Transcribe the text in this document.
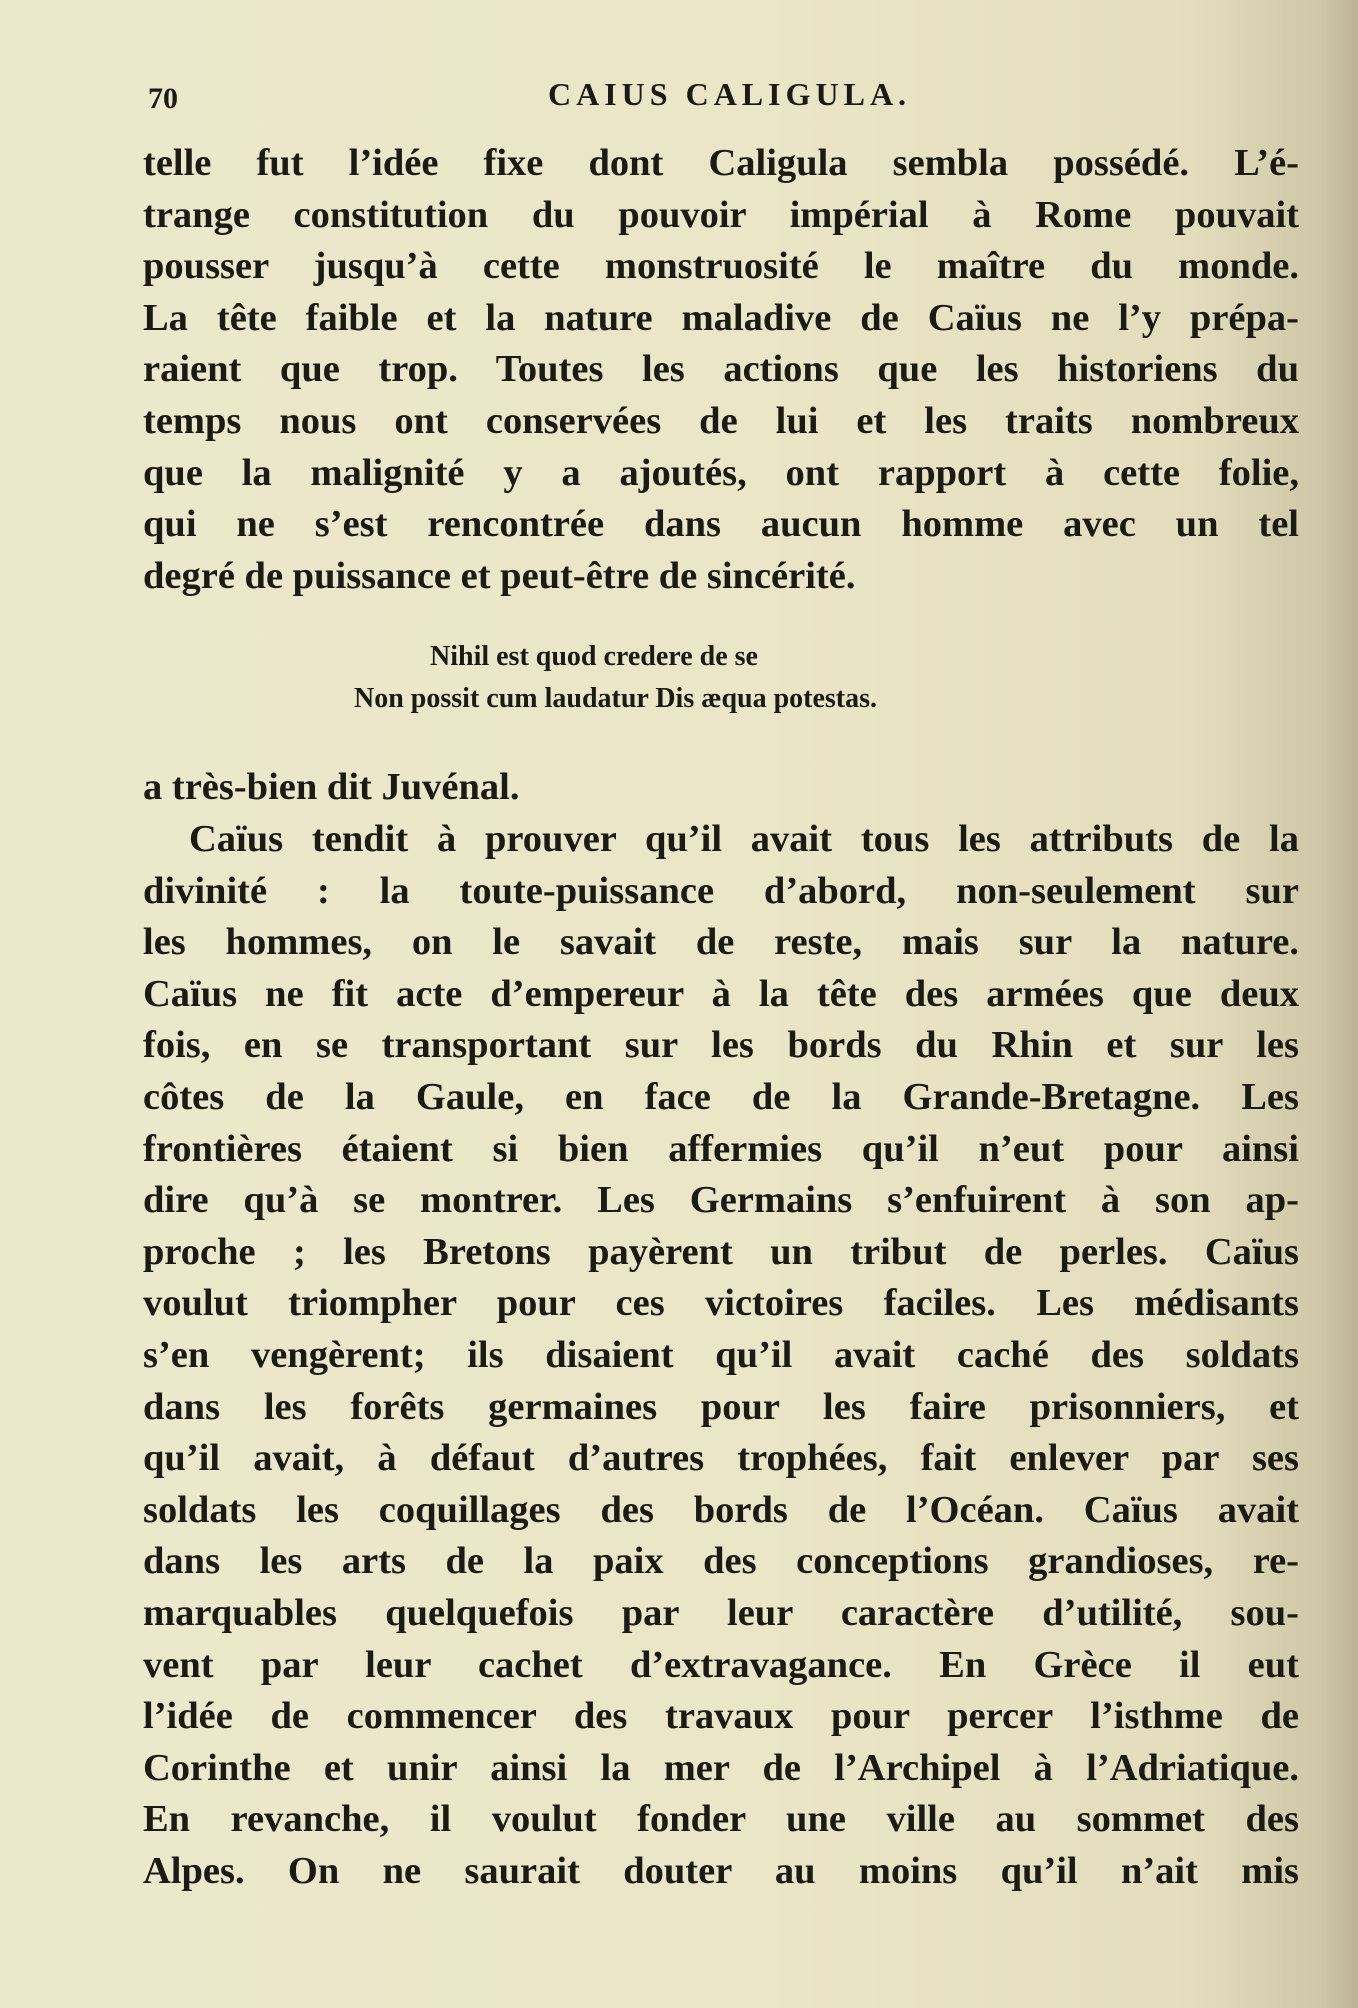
70	CAIUS CALIGULA.
telle fut l’idée fixe dont Caligula sembla possédé. L’é-
trange constitution du pouvoir impérial à Rome pouvait
pousser jusqu’à cette monstruosité le maître du monde.
La tête faible et la nature maladive de Caïus ne l’y prépa-
raient que trop. Toutes les actions que les historiens du
temps nous ont conservées de lui et les traits nombreux
que la malignité y a ajoutés, ont rapport à cette folie,
qui ne s’est rencontrée dans aucun homme avec un tel
degré de puissance et peut-être de sincérité.
Nihil est quod credere de se
Non possit cum laudatur Dis æqua potestas.
a très-bien dit Juvénal.
Caïus tendit à prouver qu’il avait tous les attributs de la
divinité : la toute-puissance d’abord, non-seulement sur
les hommes, on le savait de reste, mais sur la nature.
Caïus ne fit acte d’empereur à la tête des armées que deux
fois, en se transportant sur les bords du Rhin et sur les
côtes de la Gaule, en face de la Grande-Bretagne. Les
frontières étaient si bien affermies qu’il n’eut pour ainsi
dire qu’à se montrer. Les Germains s’enfuirent à son ap-
proche ; les Bretons payèrent un tribut de perles. Caïus
voulut triompher pour ces victoires faciles. Les médisants
s’en vengèrent; ils disaient qu’il avait caché des soldats
dans les forêts germaines pour les faire prisonniers, et
qu’il avait, à défaut d’autres trophées, fait enlever par ses
soldats les coquillages des bords de l’Océan. Caïus avait
dans les arts de la paix des conceptions grandioses, re-
marquables quelquefois par leur caractère d’utilité, sou-
vent par leur cachet d’extravagance. En Grèce il eut
l’idée de commencer des travaux pour percer l’isthme de
Corinthe et unir ainsi la mer de l’Archipel à l’Adriatique.
En revanche, il voulut fonder une ville au sommet des
Alpes. On ne saurait douter au moins qu’il n’ait mis
